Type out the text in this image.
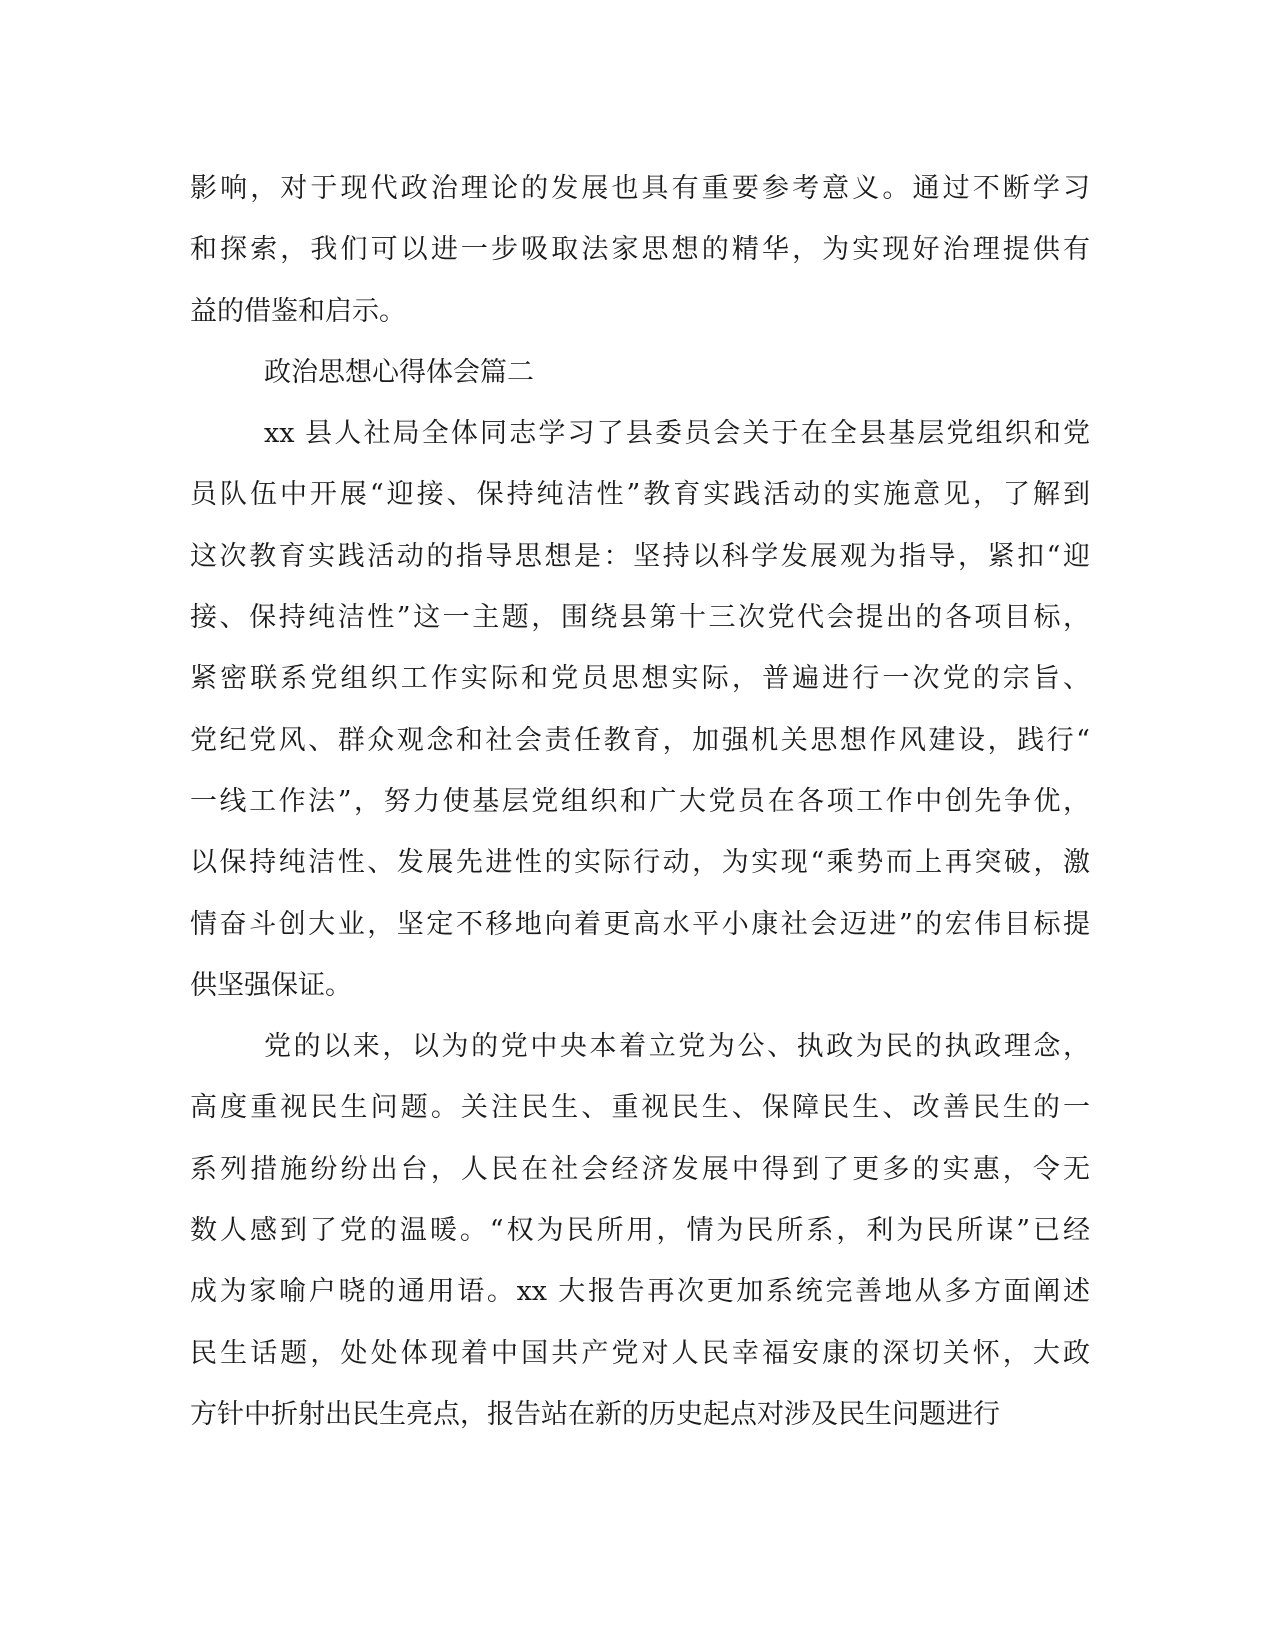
影响，对于现代政治理论的发展也具有重要参考意义。通过不断学习
和探索，我们可以进一步吸取法家思想的精华，为实现好治理提供有
益的借鉴和启示。
政治思想心得体会篇二
xx 县人社局全体同志学习了县委员会关于在全县基层党组织和党
员队伍中开展“迎接、保持纯洁性”教育实践活动的实施意见，了解到
这次教育实践活动的指导思想是：坚持以科学发展观为指导，紧扣“迎
接、保持纯洁性”这一主题，围绕县第十三次党代会提出的各项目标，
紧密联系党组织工作实际和党员思想实际，普遍进行一次党的宗旨、
党纪党风、群众观念和社会责任教育，加强机关思想作风建设，践行“
一线工作法”，努力使基层党组织和广大党员在各项工作中创先争优，
以保持纯洁性、发展先进性的实际行动，为实现“乘势而上再突破，激
情奋斗创大业，坚定不移地向着更高水平小康社会迈进”的宏伟目标提
供坚强保证。
党的以来，以为的党中央本着立党为公、执政为民的执政理念，
高度重视民生问题。关注民生、重视民生、保障民生、改善民生的一
系列措施纷纷出台，人民在社会经济发展中得到了更多的实惠，令无
数人感到了党的温暖。“权为民所用，情为民所系，利为民所谋”已经
成为家喻户晓的通用语。xx 大报告再次更加系统完善地从多方面阐述
民生话题，处处体现着中国共产党对人民幸福安康的深切关怀，大政
方针中折射出民生亮点，报告站在新的历史起点对涉及民生问题进行
